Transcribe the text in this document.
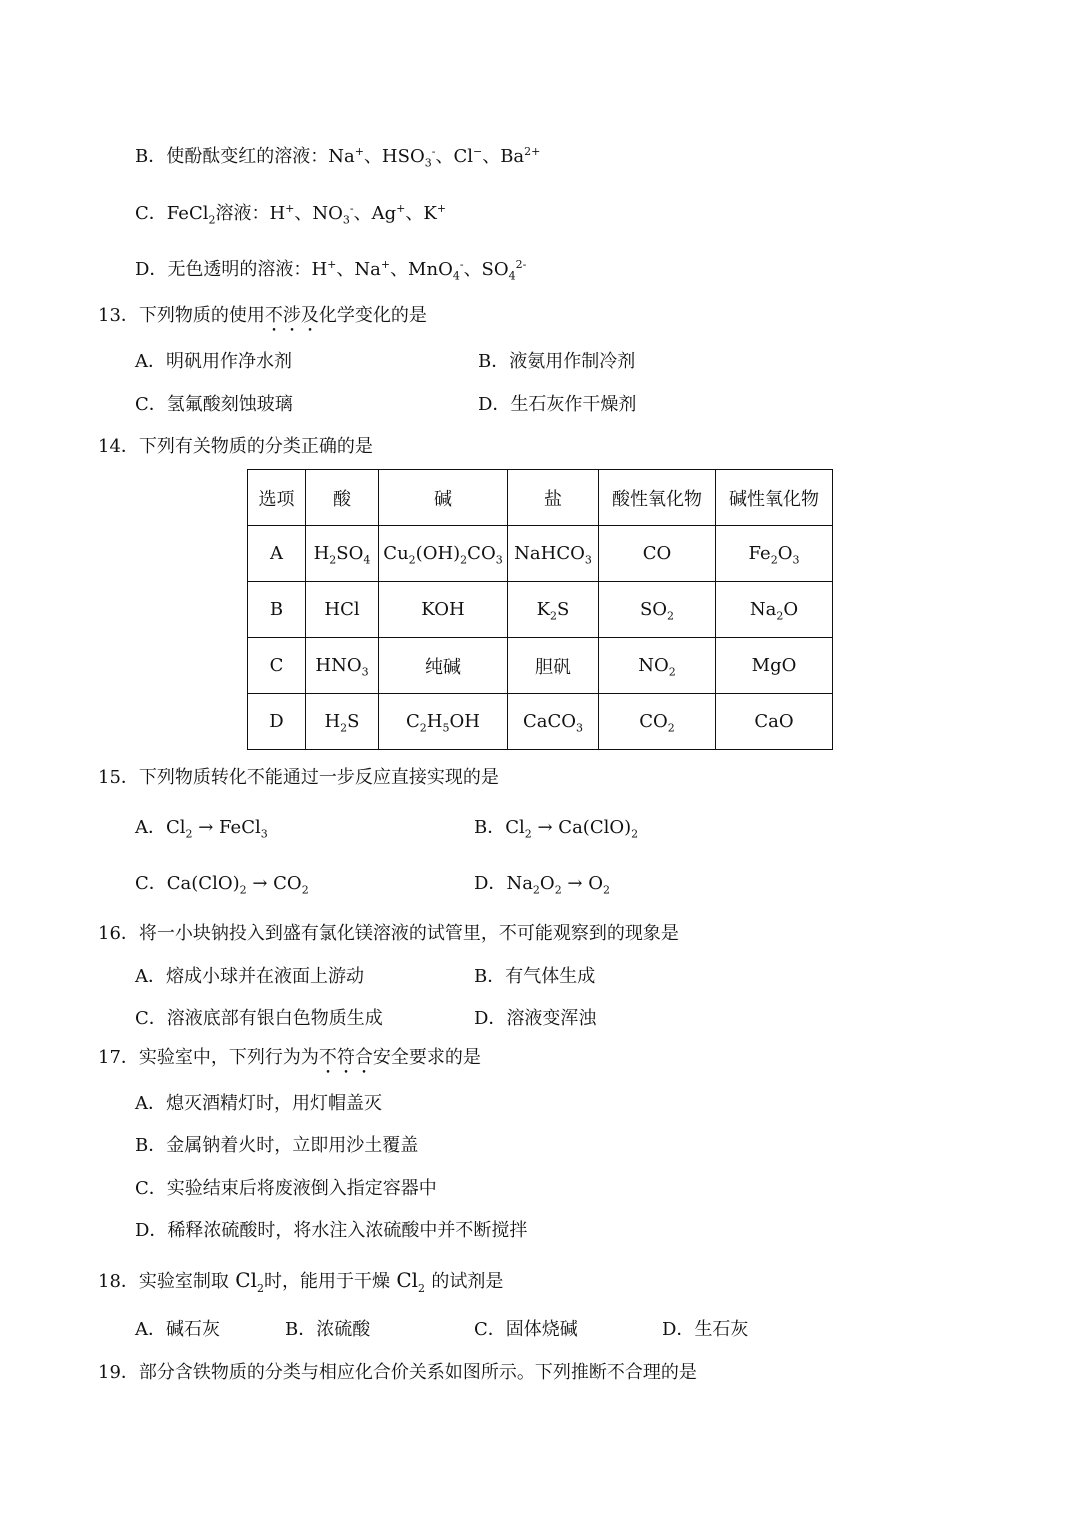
B．使酚酞变红的溶液：Na+、$HSO_3^-$、Cl−、$Ba^{2+}$
C．FeCl$_2$溶液：H+、$NO_3^-$、Ag+、K+
D．无色透明的溶液：H+、Na+、MnO$_4$-、$SO_4^{2-}$
13．下列物质的使用不涉及化学变化的是
A．明矾用作净水剂	B．液氨用作制冷剂
C．氢氟酸刻蚀玻璃	D．生石灰作干燥剂
14．下列有关物质的分类正确的是
选项	酸	碱	盐	酸性氧化物	碱性氧化物
A	$H_2SO_4$	$Cu_2(OH)_2CO_3$	NaHCO$_3$	CO	$Fe_2O_3$
B	HCl	KOH	$K_2S$	$SO_2$	$Na_2O$
C	$HNO_3$	纯碱	胆矾	$NO_2$	MgO
D	$H_2S$	$C_2H_5OH$	CaCO$_3$	$CO_2$	CaO
15．下列物质转化不能通过一步反应直接实现的是
A．$Cl_2$ → FeCl$_3$	B．$Cl_2 \to Ca(ClO)_2$
C．$Ca(ClO)_2 \to CO_2$	D．$Na_2O_2 \to O_2$
16．将一小块钠投入到盛有氯化镁溶液的试管里，不可能观察到的现象是
A．熔成小球并在液面上游动	B．有气体生成
C．溶液底部有银白色物质生成	D．溶液变浑浊
17．实验室中，下列行为为不符合安全要求的是
A．熄灭酒精灯时，用灯帽盖灭
B．金属钠着火时，立即用沙土覆盖
C．实验结束后将废液倒入指定容器中
D．稀释浓硫酸时，将水注入浓硫酸中并不断搅拌
18．实验室制取 $Cl_2$时，能用于干燥 $Cl_2$ 的试剂是
A．碱石灰	B．浓硫酸	C．固体烧碱	D．生石灰
19．部分含铁物质的分类与相应化合价关系如图所示。下列推断不合理的是
